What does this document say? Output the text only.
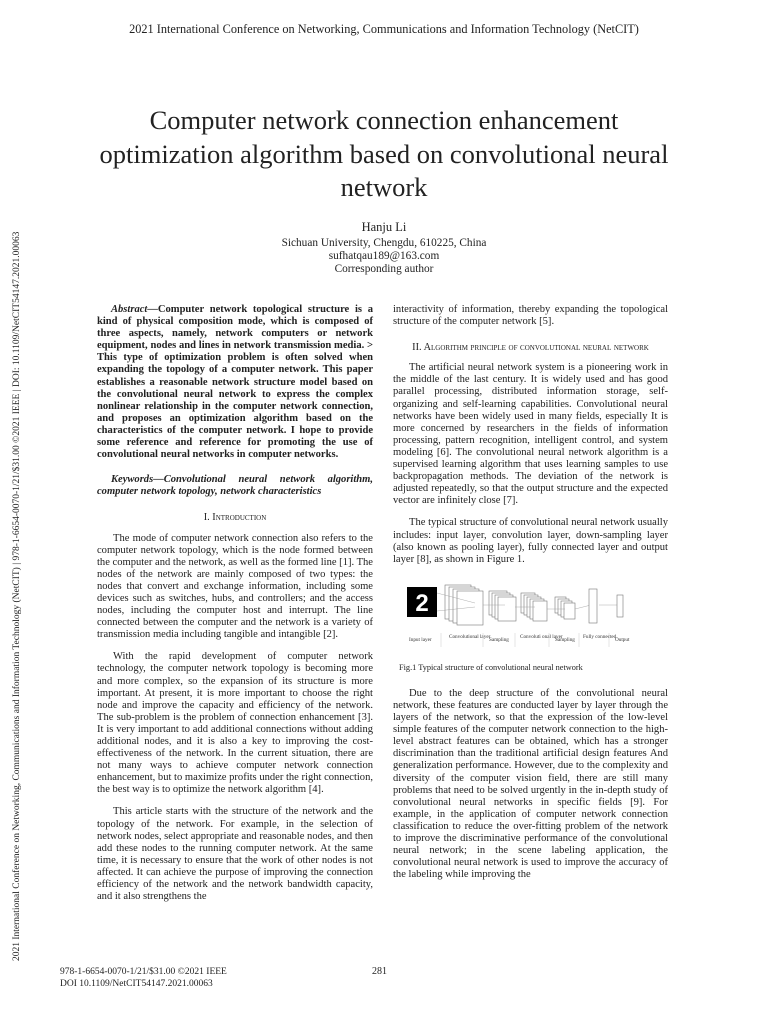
2021 International Conference on Networking, Communications and Information Technology (NetCIT)
2021 International Conference on Networking, Communications and Information Technology (NetCIT) | 978-1-6654-0070-1/21/$31.00 ©2021 IEEE | DOI: 10.1109/NetCIT54147.2021.00063
Computer network connection enhancement optimization algorithm based on convolutional neural network
Hanju Li
Sichuan University, Chengdu, 610225, China
sufhatqau189@163.com
Corresponding author

Abstract—Computer network topological structure is a kind of physical composition mode, which is composed of three aspects, namely, network computers or network equipment, nodes and lines in network transmission media. > This type of optimization problem is often solved when expanding the topology of a computer network. This paper establishes a reasonable network structure model based on the convolutional neural network to express the complex nonlinear relationship in the computer network connection, and proposes an optimization algorithm based on the characteristics of the computer network. I hope to provide some reference and reference for promoting the use of convolutional neural networks in computer networks.

Keywords—Convolutional neural network algorithm, computer network topology, network characteristics

I. Introduction

The mode of computer network connection also refers to the computer network topology, which is the node formed between the computer and the network, as well as the formed line [1]. The nodes of the network are mainly composed of two types: the nodes that convert and exchange information, including some devices such as switches, hubs, and controllers; and the access nodes, including the computer host and interrupt. The line connected between the computer and the network is a variety of transmission media including tangible and intangible [2].

With the rapid development of computer network technology, the computer network topology is becoming more and more complex, so the expansion of its structure is more important. At present, it is more important to choose the right node and improve the capacity and efficiency of the network. The sub-problem is the problem of connection enhancement [3]. It is very important to add additional connections without adding additional nodes, and it is also a key to improving the cost-effectiveness of the network. In the current situation, there are not many ways to achieve computer network connection enhancement, but to maximize profits under the right connection, the best way is to optimize the network algorithm [4].

This article starts with the structure of the network and the topology of the network. For example, in the selection of network nodes, select appropriate and reasonable nodes, and then add these nodes to the running computer network. At the same time, it is necessary to ensure that the work of other nodes is not affected. It can achieve the purpose of improving the connection efficiency of the network and the network bandwidth capacity, and it also strengthens the

interactivity of information, thereby expanding the topological structure of the computer network [5].

II. Algorithm principle of convolutional neural network

The artificial neural network system is a pioneering work in the middle of the last century. It is widely used and has good parallel processing, distributed information storage, self-organizing and self-learning capabilities. Convolutional neural networks have been widely used in many fields, especially It is more concerned by researchers in the fields of information processing, pattern recognition, intelligent control, and system modeling [6]. The convolutional neural network algorithm is a supervised learning algorithm that uses learning samples to use backpropagation methods. The deviation of the network is adjusted repeatedly, so that the output structure and the expected vector are infinitely close [7].

The typical structure of convolutional neural network usually includes: input layer, convolution layer, down-sampling layer (also known as pooling layer), fully connected layer and output layer [8], as shown in Figure 1.

2
Input layer	Convolutional layer
Sampling Convoluti onal layer
Sampling Fully connected
Output
Fig.1 Typical structure of convolutional neural network

Due to the deep structure of the convolutional neural network, these features are conducted layer by layer through the layers of the network, so that the expression of the low-level simple features of the computer network connection to the high-level abstract features can be obtained, which has a stronger discrimination than the traditional artificial design features And generalization performance. However, due to the complexity and diversity of the computer vision field, there are still many problems that need to be solved urgently in the in-depth study of convolutional neural networks in specific fields [9]. For example, in the application of computer network connection classification to reduce the over-fitting problem of the network to improve the discriminative performance of the convolutional neural network; in the scene labeling application, the convolutional neural network is used to improve the accuracy of the labeling while improving the

978-1-6654-0070-1/21/$31.00 ©2021 IEEE
DOI 10.1109/NetCIT54147.2021.00063
281
